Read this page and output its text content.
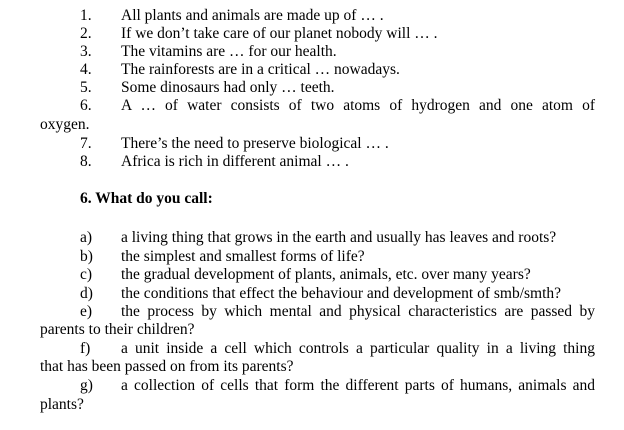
1. All plants and animals are made up of … .
2. If we don’t take care of our planet nobody will … .
3. The vitamins are … for our health.
4. The rainforests are in a critical … nowadays.
5. Some dinosaurs had only … teeth.
6. A … of water consists of two atoms of hydrogen and one atom of
oxygen.
7. There’s the need to preserve biological … .
8. Africa is rich in different animal … .
6. What do you call:
a) a living thing that grows in the earth and usually has leaves and roots?
b) the simplest and smallest forms of life?
c) the gradual development of plants, animals, etc. over many years?
d) the conditions that effect the behaviour and development of smb/smth?
e) the process by which mental and physical characteristics are passed by
parents to their children?
f) a unit inside a cell which controls a particular quality in a living thing
that has been passed on from its parents?
g) a collection of cells that form the different parts of humans, animals and
plants?
